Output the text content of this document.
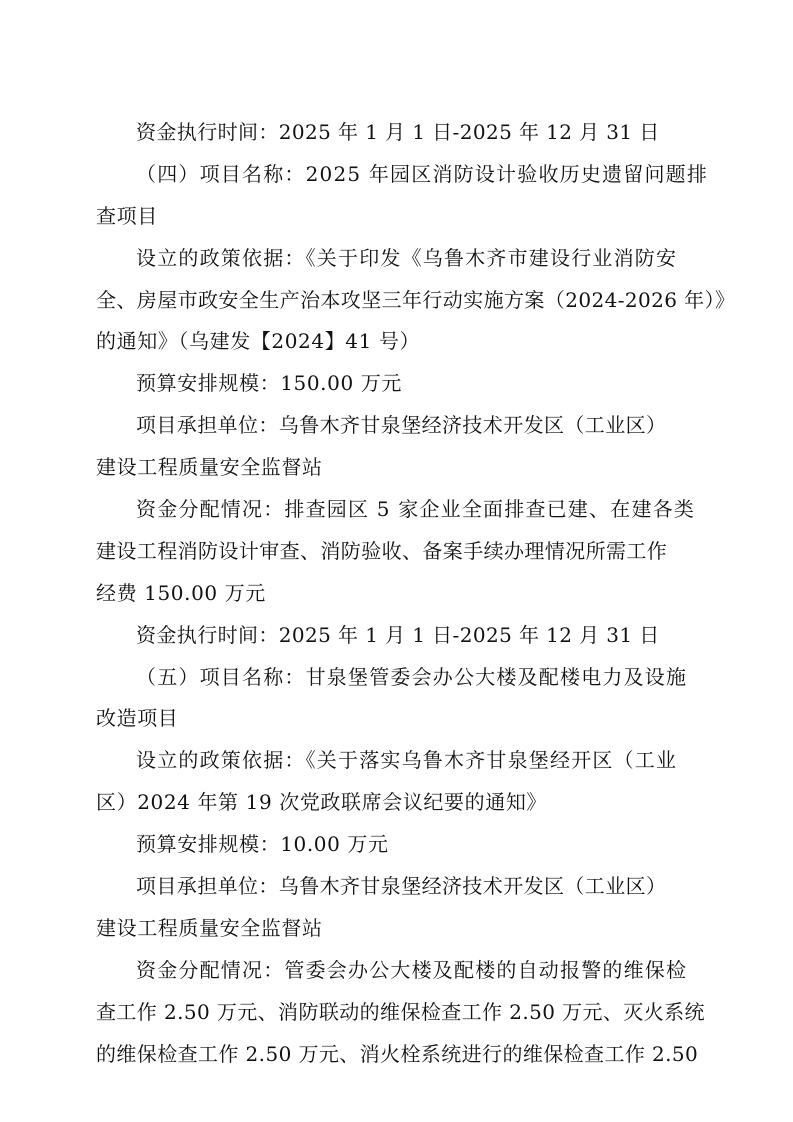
资金执行时间：2025 年 1 月 1 日-2025 年 12 月 31 日
（四）项目名称：2025 年园区消防设计验收历史遗留问题排
查项目
设立的政策依据：《关于印发《乌鲁木齐市建设行业消防安
全、房屋市政安全生产治本攻坚三年行动实施方案（2024-2026 年）》
的通知》（乌建发【2024】41 号）
预算安排规模：150.00 万元
项目承担单位：乌鲁木齐甘泉堡经济技术开发区（工业区）
建设工程质量安全监督站
资金分配情况：排查园区 5 家企业全面排查已建、在建各类
建设工程消防设计审查、消防验收、备案手续办理情况所需工作
经费 150.00 万元
资金执行时间：2025 年 1 月 1 日-2025 年 12 月 31 日
（五）项目名称：甘泉堡管委会办公大楼及配楼电力及设施
改造项目
设立的政策依据：《关于落实乌鲁木齐甘泉堡经开区（工业
区）2024 年第 19 次党政联席会议纪要的通知》
预算安排规模：10.00 万元
项目承担单位：乌鲁木齐甘泉堡经济技术开发区（工业区）
建设工程质量安全监督站
资金分配情况：管委会办公大楼及配楼的自动报警的维保检
查工作 2.50 万元、消防联动的维保检查工作 2.50 万元、灭火系统
的维保检查工作 2.50 万元、消火栓系统进行的维保检查工作 2.50
